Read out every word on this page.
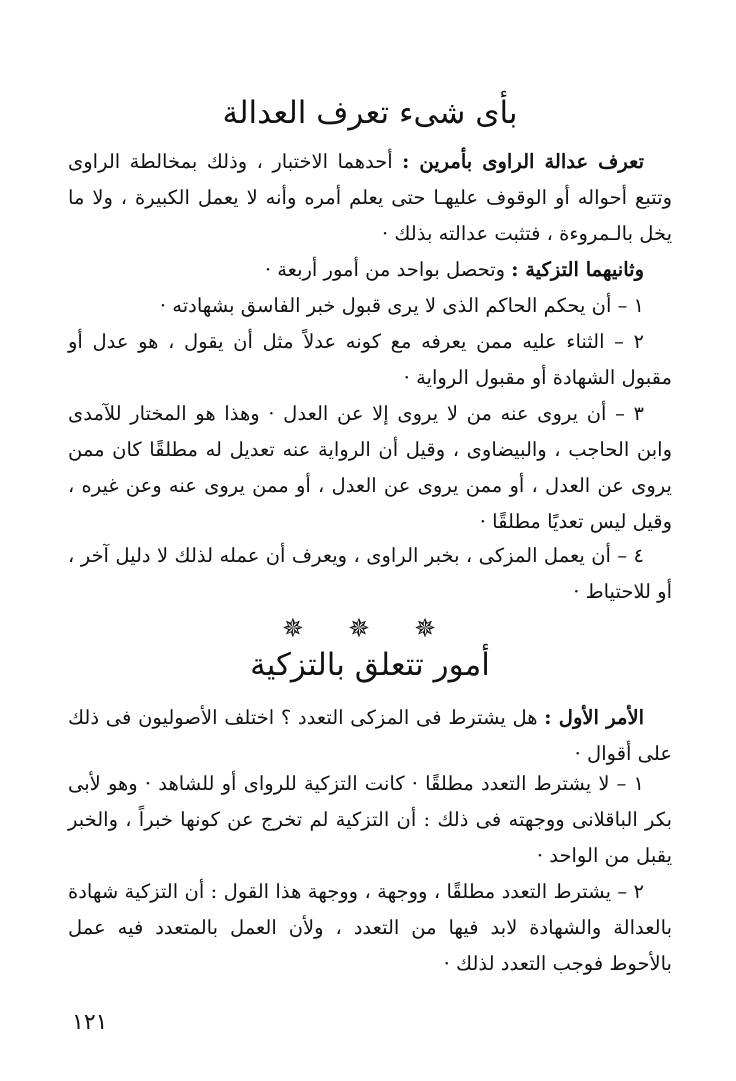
بأى شىء تعرف العدالة

تعرف عدالة الراوى بأمرين : أحدهما الاختبار ، وذلك بمخالطة الراوى وتتبع أحواله أو الوقوف عليهـا حتى يعلم أمره وأنه لا يعمل الكبيرة ، ولا ما يخل بالـمروءة ، فتثبت عدالته بذلك ·

وثانيهما التزكية : وتحصل بواحد من أمور أربعة ·

١ – أن يحكم الحاكم الذى لا يرى قبول خبر الفاسق بشهادته ·

٢ – الثناء عليه ممن يعرفه مع كونه عدلاً مثل أن يقول ، هو عدل أو مقبول الشهادة أو مقبول الرواية ·

٣ – أن يروى عنه من لا يروى إلا عن العدل · وهذا هو المختار للآمدى وابن الحاجب ، والبيضاوى ، وقيل أن الرواية عنه تعديل له مطلقًا كان ممن يروى عن العدل ، أو ممن يروى عن العدل ، أو ممن يروى عنه وعن غيره ، وقيل ليس تعديًا مطلقًا ·

٤ – أن يعمل المزكى ، بخبر الراوى ، ويعرف أن عمله لذلك لا دليل آخر ، أو للاحتياط ·

✵ ✵ ✵
أمور تتعلق بالتزكية

الأمر الأول : هل يشترط فى المزكى التعدد ؟ اختلف الأصوليون فى ذلك على أقوال ·

١ – لا يشترط التعدد مطلقًا · كانت التزكية للرواى أو للشاهد · وهو لأبى بكر الباقلانى ووجهته فى ذلك : أن التزكية لم تخرج عن كونها خبراً ، والخبر يقبل من الواحد ·

٢ – يشترط التعدد مطلقًا ، ووجهة ، ووجهة هذا القول : أن التزكية شهادة بالعدالة والشهادة لابد فيها من التعدد ، ولأن العمل بالمتعدد فيه عمل بالأحوط فوجب التعدد لذلك ·

١٢١
